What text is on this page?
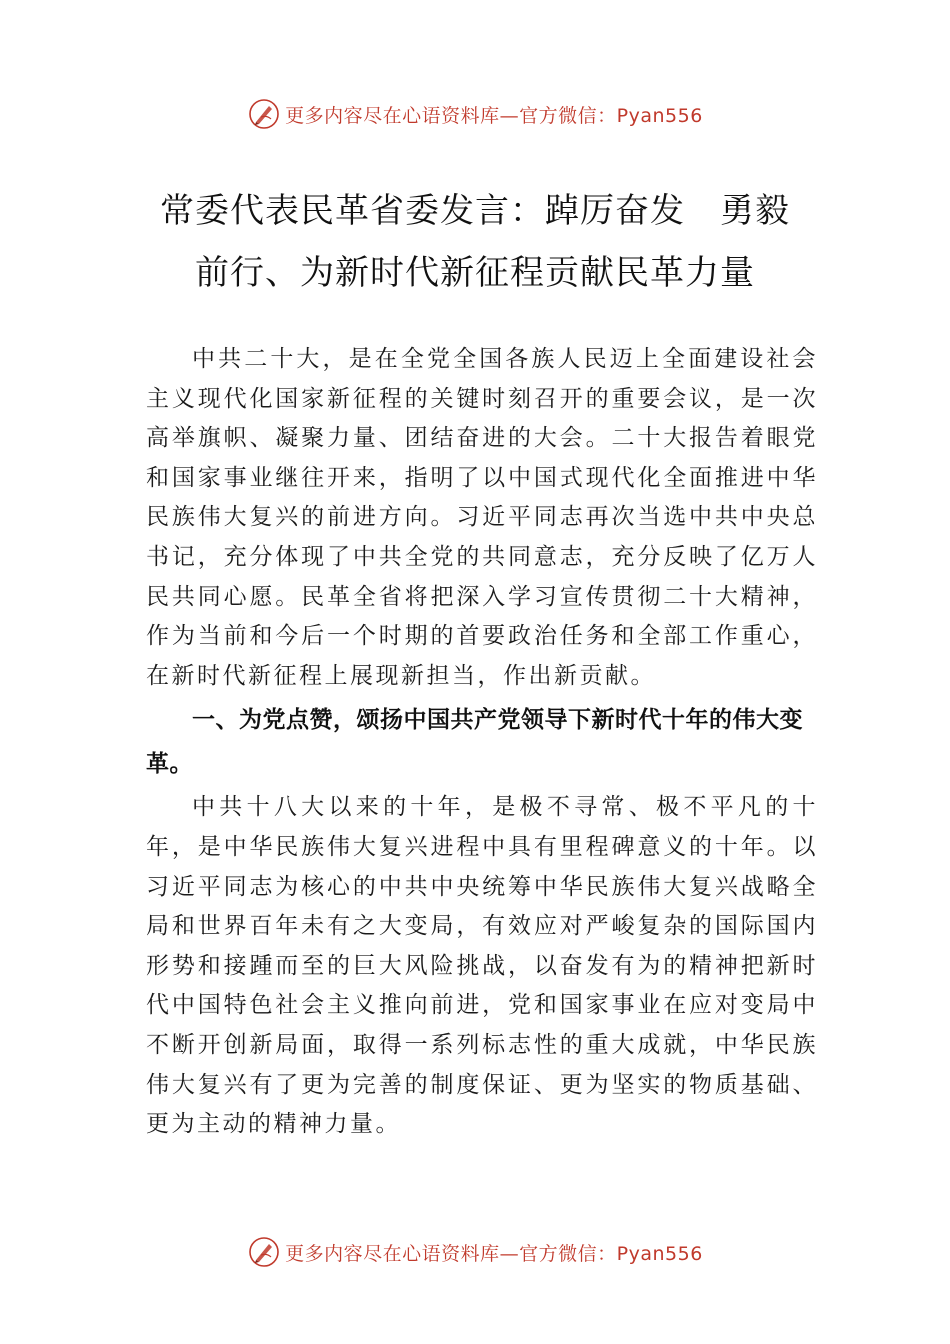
更多内容尽在心语资料库—官方微信：Pyan556
常委代表民革省委发言：踔厉奋发　勇毅
前行、为新时代新征程贡献民革力量

中共二十大，是在全党全国各族人民迈上全面建设社会主义现代化国家新征程的关键时刻召开的重要会议，是一次高举旗帜、凝聚力量、团结奋进的大会。二十大报告着眼党和国家事业继往开来，指明了以中国式现代化全面推进中华民族伟大复兴的前进方向。习近平同志再次当选中共中央总书记，充分体现了中共全党的共同意志，充分反映了亿万人民共同心愿。民革全省将把深入学习宣传贯彻二十大精神， 作为当前和今后一个时期的首要政治任务和全部工作重心， 在新时代新征程上展现新担当，作出新贡献。

一、为党点赞，颂扬中国共产党领导下新时代十年的伟大变革。

中共十八大以来的十年，是极不寻常、极不平凡的十年，是中华民族伟大复兴进程中具有里程碑意义的十年。以习近平同志为核心的中共中央统筹中华民族伟大复兴战略全局和世界百年未有之大变局，有效应对严峻复杂的国际国内形势和接踵而至的巨大风险挑战，以奋发有为的精神把新时代中国特色社会主义推向前进，党和国家事业在应对变局中不断开创新局面，取得一系列标志性的重大成就，中华民族伟大复兴有了更为完善的制度保证、更为坚实的物质基础、更为主动的精神力量。

更多内容尽在心语资料库—官方微信：Pyan556
